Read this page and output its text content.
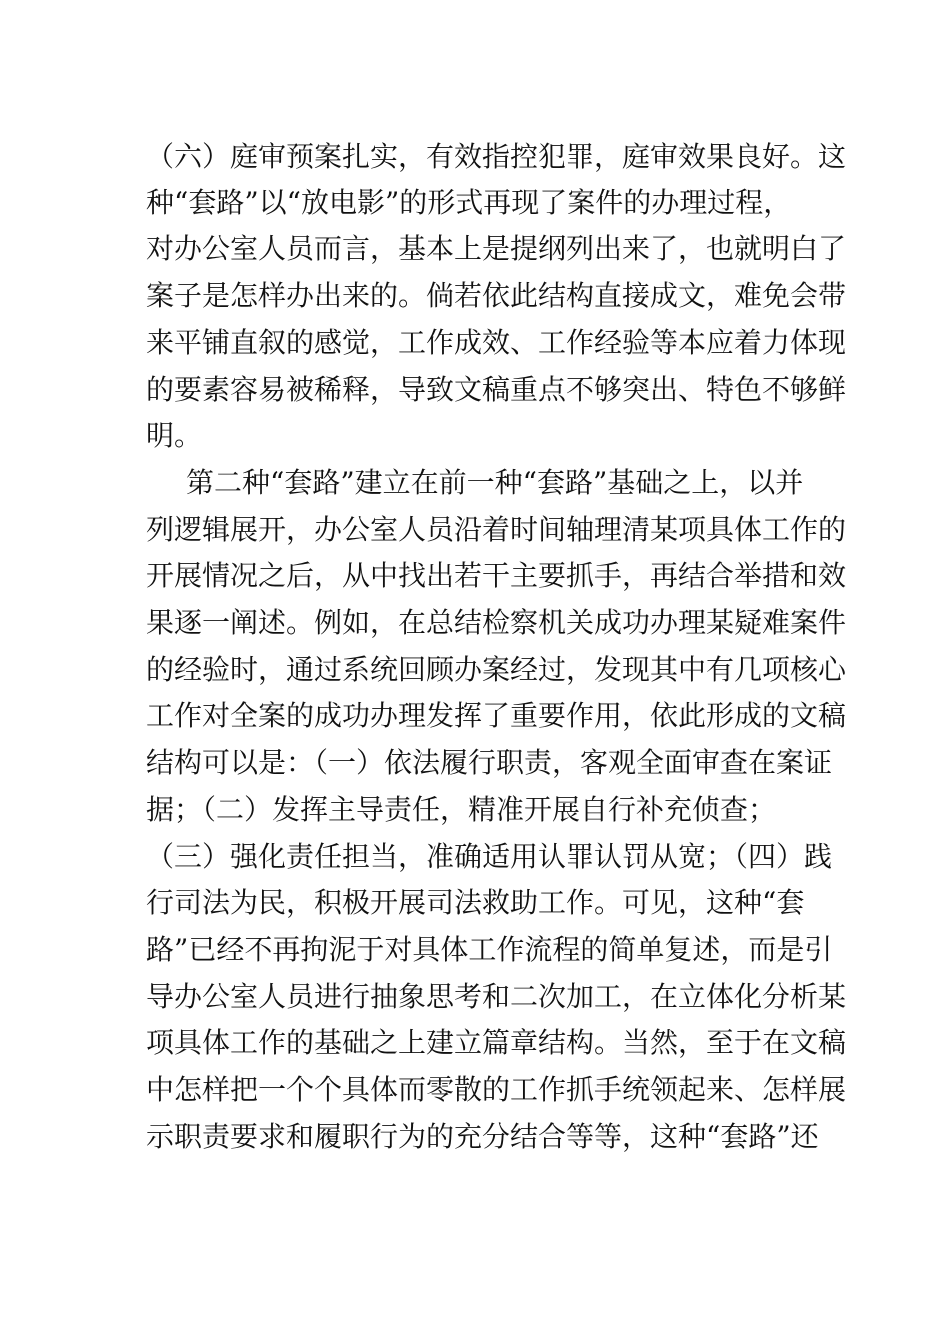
（六）庭审预案扎实，有效指控犯罪，庭审效果良好。这
种“套路”以“放电影”的形式再现了案件的办理过程，
对办公室人员而言，基本上是提纲列出来了，也就明白了
案子是怎样办出来的。倘若依此结构直接成文，难免会带
来平铺直叙的感觉，工作成效、工作经验等本应着力体现
的要素容易被稀释，导致文稿重点不够突出、特色不够鲜
明。
第二种“套路”建立在前一种“套路”基础之上，以并
列逻辑展开，办公室人员沿着时间轴理清某项具体工作的
开展情况之后，从中找出若干主要抓手，再结合举措和效
果逐一阐述。例如，在总结检察机关成功办理某疑难案件
的经验时，通过系统回顾办案经过，发现其中有几项核心
工作对全案的成功办理发挥了重要作用，依此形成的文稿
结构可以是：（一）依法履行职责，客观全面审查在案证
据；（二）发挥主导责任，精准开展自行补充侦查；
（三）强化责任担当，准确适用认罪认罚从宽；（四）践
行司法为民，积极开展司法救助工作。可见，这种“套
路”已经不再拘泥于对具体工作流程的简单复述，而是引
导办公室人员进行抽象思考和二次加工，在立体化分析某
项具体工作的基础之上建立篇章结构。当然，至于在文稿
中怎样把一个个具体而零散的工作抓手统领起来、怎样展
示职责要求和履职行为的充分结合等等，这种“套路”还
